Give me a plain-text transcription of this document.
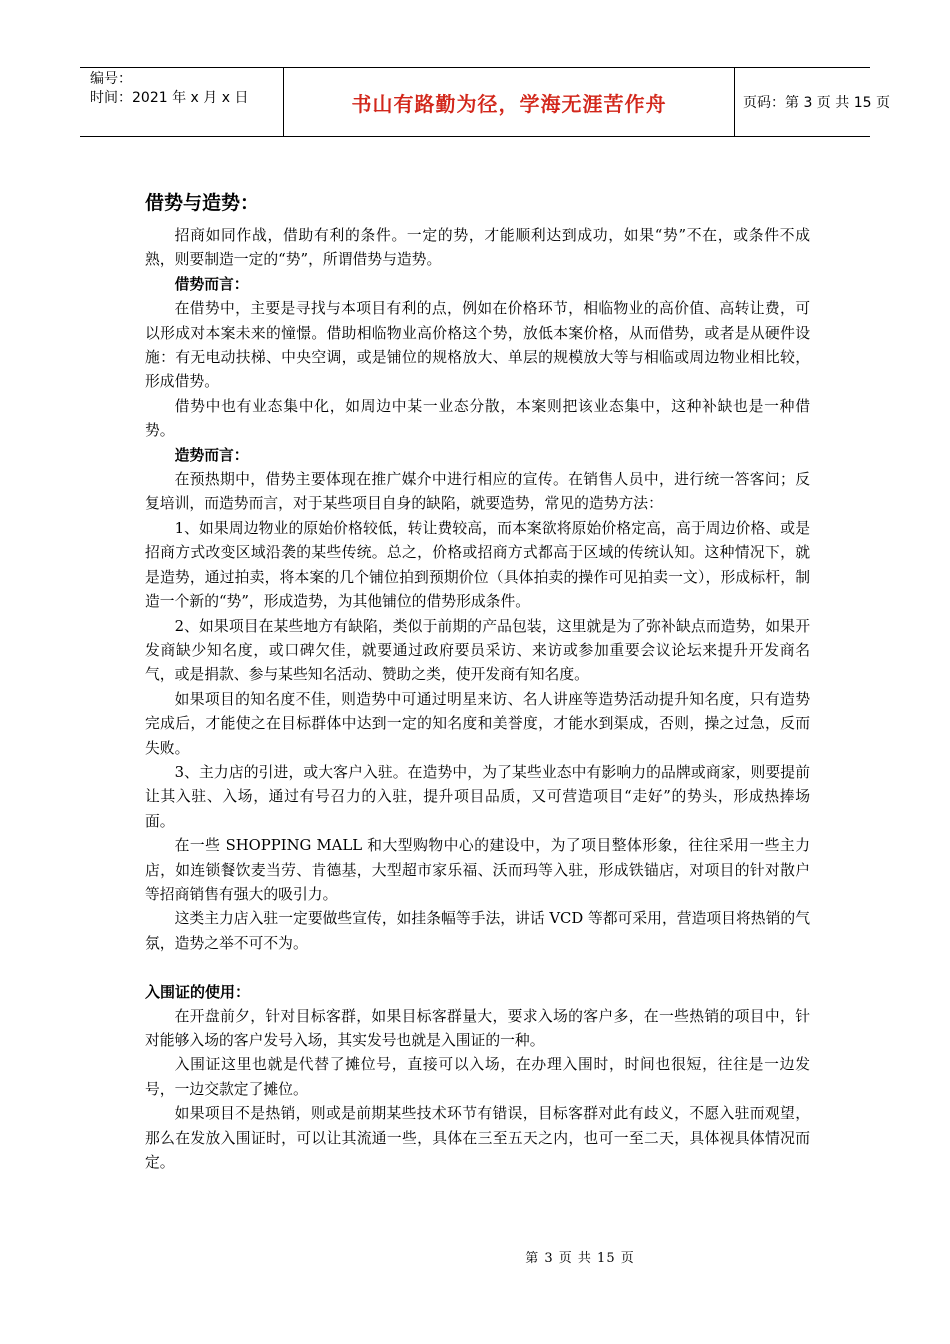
编号：
时间：2021 年 x 月 x 日	书山有路勤为径，学海无涯苦作舟	页码：第 3 页 共 15 页
借势与造势：

招商如同作战，借助有利的条件。一定的势，才能顺利达到成功，如果“势”不在，或条件不成熟，则要制造一定的“势”，所谓借势与造势。

借势而言：

在借势中，主要是寻找与本项目有利的点，例如在价格环节，相临物业的高价值、高转让费，可以形成对本案未来的憧憬。借助相临物业高价格这个势，放低本案价格，从而借势，或者是从硬件设施：有无电动扶梯、中央空调，或是铺位的规格放大、单层的规模放大等与相临或周边物业相比较，形成借势。

借势中也有业态集中化，如周边中某一业态分散，本案则把该业态集中，这种补缺也是一种借势。

造势而言：

在预热期中，借势主要体现在推广媒介中进行相应的宣传。在销售人员中，进行统一答客问；反复培训，而造势而言，对于某些项目自身的缺陷，就要造势，常见的造势方法：

1、如果周边物业的原始价格较低，转让费较高，而本案欲将原始价格定高，高于周边价格、或是招商方式改变区域沿袭的某些传统。总之，价格或招商方式都高于区域的传统认知。这种情况下，就是造势，通过拍卖，将本案的几个铺位拍到预期价位（具体拍卖的操作可见拍卖一文），形成标杆，制造一个新的“势”，形成造势，为其他铺位的借势形成条件。

2、如果项目在某些地方有缺陷，类似于前期的产品包装，这里就是为了弥补缺点而造势，如果开发商缺少知名度，或口碑欠佳，就要通过政府要员采访、来访或参加重要会议论坛来提升开发商名气，或是捐款、参与某些知名活动、赞助之类，使开发商有知名度。

如果项目的知名度不佳，则造势中可通过明星来访、名人讲座等造势活动提升知名度，只有造势完成后，才能使之在目标群体中达到一定的知名度和美誉度，才能水到渠成，否则，操之过急，反而失败。

3、主力店的引进，或大客户入驻。在造势中，为了某些业态中有影响力的品牌或商家，则要提前让其入驻、入场，通过有号召力的入驻，提升项目品质，又可营造项目“走好”的势头，形成热捧场面。

在一些 SHOPPING MALL 和大型购物中心的建设中，为了项目整体形象，往往采用一些主力店，如连锁餐饮麦当劳、肯德基，大型超市家乐福、沃而玛等入驻，形成铁锚店，对项目的针对散户等招商销售有强大的吸引力。

这类主力店入驻一定要做些宣传，如挂条幅等手法，讲话 VCD 等都可采用，营造项目将热销的气氛，造势之举不可不为。

入围证的使用：

在开盘前夕，针对目标客群，如果目标客群量大，要求入场的客户多，在一些热销的项目中，针对能够入场的客户发号入场，其实发号也就是入围证的一种。

入围证这里也就是代替了摊位号，直接可以入场，在办理入围时，时间也很短，往往是一边发号，一边交款定了摊位。

如果项目不是热销，则或是前期某些技术环节有错误，目标客群对此有歧义，不愿入驻而观望，那么在发放入围证时，可以让其流通一些，具体在三至五天之内，也可一至二天，具体视具体情况而定。

第 3 页 共 15 页
